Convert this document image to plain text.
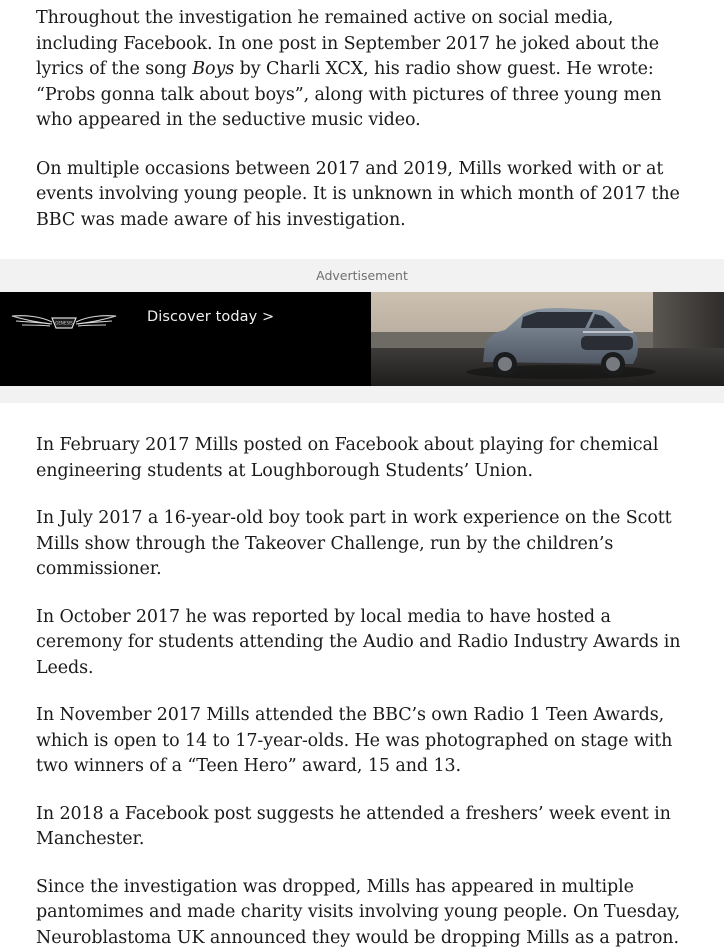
Throughout the investigation he remained active on social media, including Facebook. In one post in September 2017 he joked about the lyrics of the song Boys by Charli XCX, his radio show guest. He wrote: “Probs gonna talk about boys”, along with pictures of three young men who appeared in the seductive music video.

On multiple occasions between 2017 and 2019, Mills worked with or at events involving young people. It is unknown in which month of 2017 the BBC was made aware of his investigation.

Advertisement
GENESIS	Discover today >

In February 2017 Mills posted on Facebook about playing for chemical engineering students at Loughborough Students’ Union.

In July 2017 a 16-year-old boy took part in work experience on the Scott Mills show through the Takeover Challenge, run by the children’s commissioner.

In October 2017 he was reported by local media to have hosted a ceremony for students attending the Audio and Radio Industry Awards in Leeds.

In November 2017 Mills attended the BBC’s own Radio 1 Teen Awards, which is open to 14 to 17-year-olds. He was photographed on stage with two winners of a “Teen Hero” award, 15 and 13.

In 2018 a Facebook post suggests he attended a freshers’ week event in Manchester.

Since the investigation was dropped, Mills has appeared in multiple pantomimes and made charity visits involving young people. On Tuesday, Neuroblastoma UK announced they would be dropping Mills as a patron.
